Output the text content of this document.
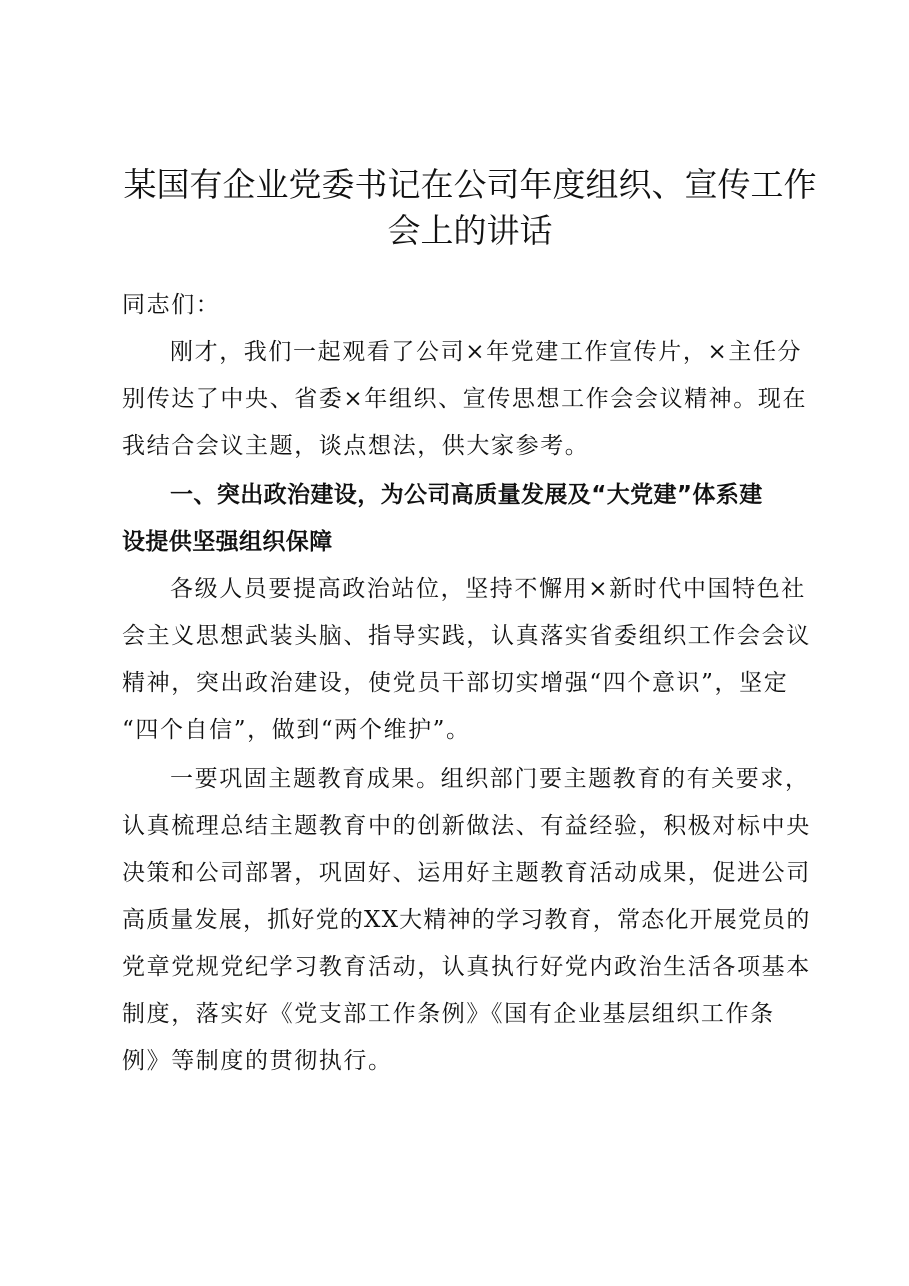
某国有企业党委书记在公司年度组织、宣传工作
会上的讲话
同志们：
刚才，我们一起观看了公司×年党建工作宣传片，×主任分
别传达了中央、省委×年组织、宣传思想工作会会议精神。现在
我结合会议主题，谈点想法，供大家参考。
一、突出政治建设，为公司高质量发展及“大党建”体系建
设提供坚强组织保障
各级人员要提高政治站位，坚持不懈用×新时代中国特色社
会主义思想武装头脑、指导实践，认真落实省委组织工作会会议
精神，突出政治建设，使党员干部切实增强“四个意识”，坚定
“四个自信”，做到“两个维护”。
一要巩固主题教育成果。组织部门要主题教育的有关要求，
认真梳理总结主题教育中的创新做法、有益经验，积极对标中央
决策和公司部署，巩固好、运用好主题教育活动成果，促进公司
高质量发展，抓好党的XX大精神的学习教育，常态化开展党员的
党章党规党纪学习教育活动，认真执行好党内政治生活各项基本
制度，落实好《党支部工作条例》《国有企业基层组织工作条
例》等制度的贯彻执行。
